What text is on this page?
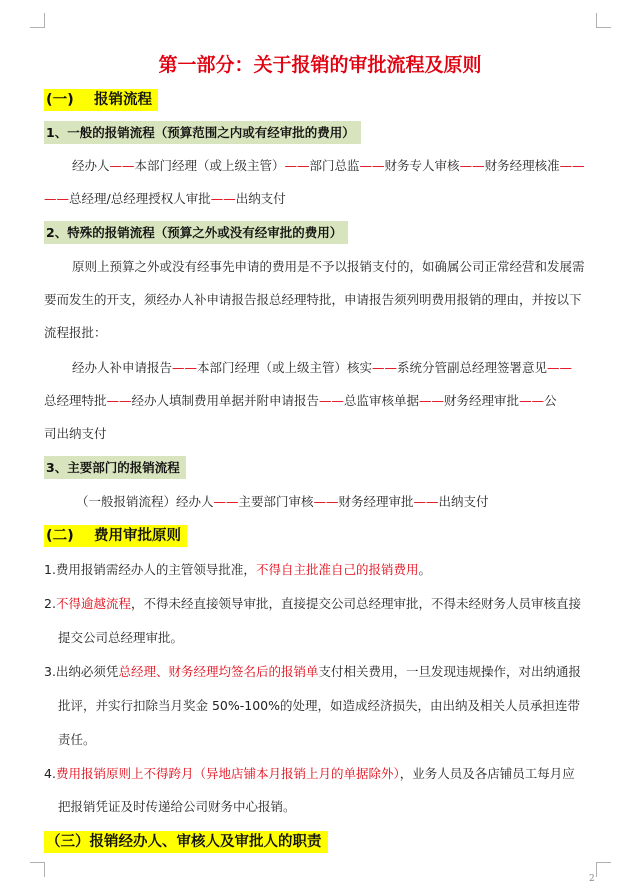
第一部分：关于报销的审批流程及原则
(一)    报销流程
1、一般的报销流程（预算范围之内或有经审批的费用）
经办人——本部门经理（或上级主管）——部门总监——财务专人审核——财务经理核准——
——总经理/总经理授权人审批——出纳支付
2、特殊的报销流程（预算之外或没有经审批的费用）
原则上预算之外或没有经事先申请的费用是不予以报销支付的，如确属公司正常经营和发展需
要而发生的开支，须经办人补申请报告报总经理特批，申请报告须列明费用报销的理由，并按以下
流程报批：
经办人补申请报告——本部门经理（或上级主管）核实——系统分管副总经理签署意见——
总经理特批——经办人填制费用单据并附申请报告——总监审核单据——财务经理审批——公
司出纳支付
3、主要部门的报销流程
（一般报销流程）经办人——主要部门审核——财务经理审批——出纳支付
(二)    费用审批原则
1.费用报销需经办人的主管领导批准，不得自主批准自己的报销费用。
2.不得逾越流程，不得未经直接领导审批，直接提交公司总经理审批，不得未经财务人员审核直接
提交公司总经理审批。
3.出纳必须凭总经理、财务经理均签名后的报销单支付相关费用，一旦发现违规操作，对出纳通报
批评，并实行扣除当月奖金 50%-100%的处理，如造成经济损失，由出纳及相关人员承担连带
责任。
4.费用报销原则上不得跨月（异地店铺本月报销上月的单据除外），业务人员及各店铺员工每月应
把报销凭证及时传递给公司财务中心报销。
（三）报销经办人、审核人及审批人的职责
2
